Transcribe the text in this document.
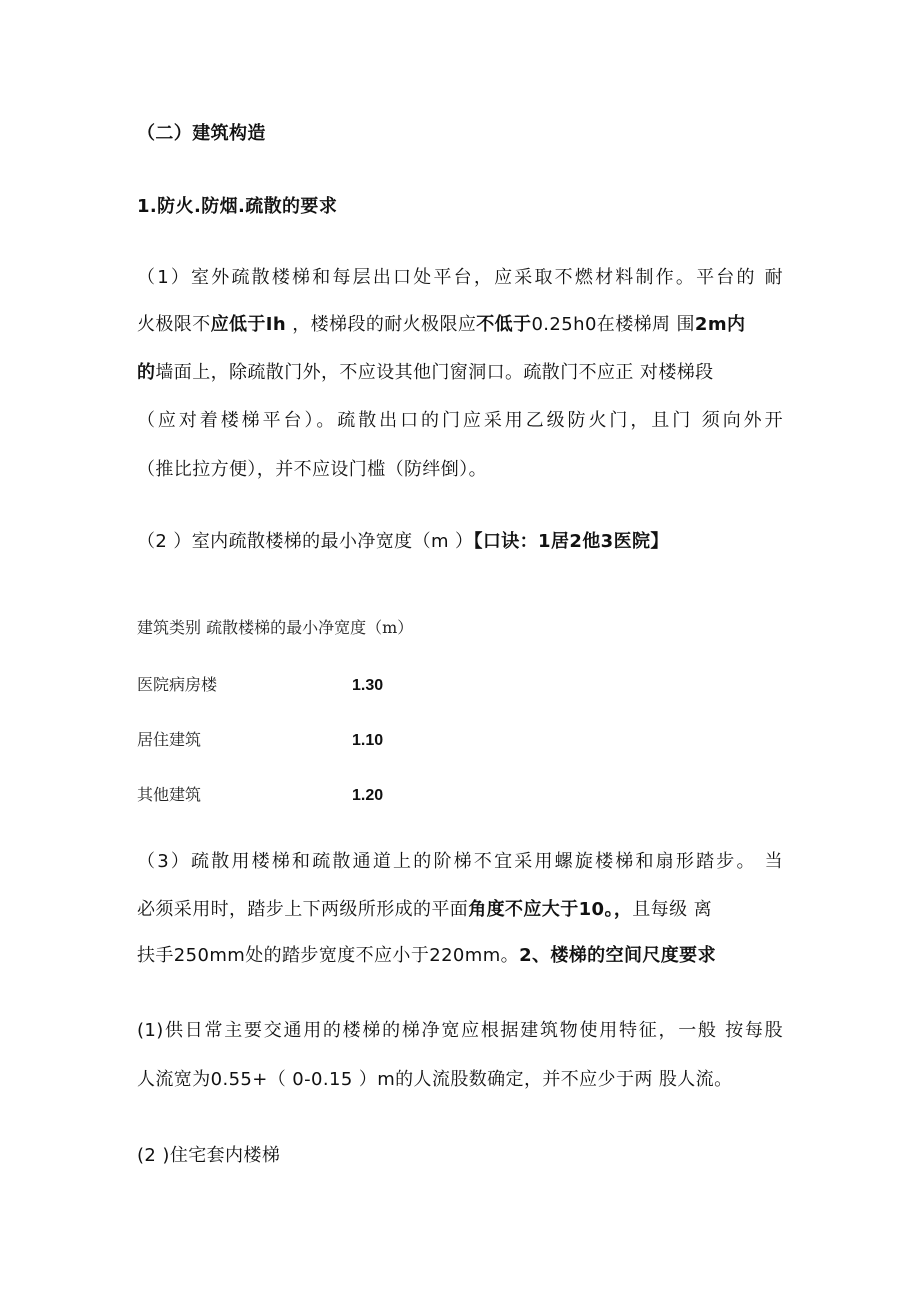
（二）建筑构造
1.防火.防烟.疏散的要求
（1）室外疏散楼梯和每层出口处平台，应采取不燃材料制作。平台的 耐
火极限不应低于Ih ，楼梯段的耐火极限应不低于0.25h0在楼梯周 围2m内
的墙面上，除疏散门外，不应设其他门窗洞口。疏散门不应正 对楼梯段
（应对着楼梯平台）。疏散出口的门应采用乙级防火门，且门 须向外开
（推比拉方便），并不应设门槛（防绊倒）。
（2 ）室内疏散楼梯的最小净宽度（m ）【口诀：1居2他3医院】
建筑类别 疏散楼梯的最小净宽度（m）
医院病房楼	1.30
居住建筑	1.10
其他建筑	1.20
（3）疏散用楼梯和疏散通道上的阶梯不宜采用螺旋楼梯和扇形踏步。 当
必须采用时，踏步上下两级所形成的平面角度不应大于10。，且每级 离
扶手250mm处的踏步宽度不应小于220mm。2、楼梯的空间尺度要求
(1)供日常主要交通用的楼梯的梯净宽应根据建筑物使用特征，一般 按每股
人流宽为0.55+（ 0-0.15 ）m的人流股数确定，并不应少于两 股人流。
(2 )住宅套内楼梯
